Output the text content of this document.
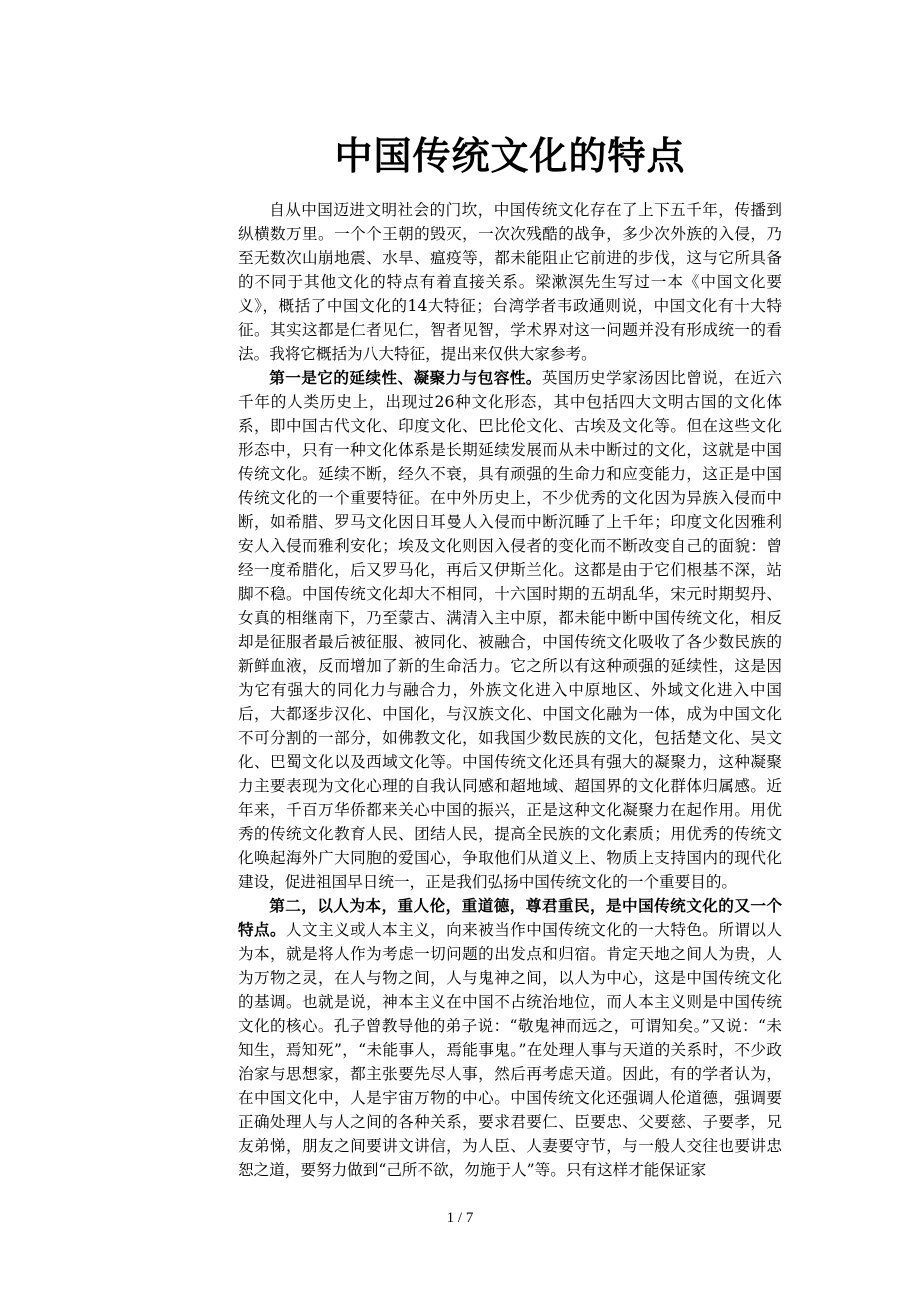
中国传统文化的特点

自从中国迈进文明社会的门坎，中国传统文化存在了上下五千年，传播到纵横数万里。一个个王朝的毁灭，一次次残酷的战争，多少次外族的入侵，乃至无数次山崩地震、水旱、瘟疫等，都未能阻止它前进的步伐，这与它所具备的不同于其他文化的特点有着直接关系。梁漱溟先生写过一本《中国文化要义》，概括了中国文化的14大特征；台湾学者韦政通则说，中国文化有十大特征。其实这都是仁者见仁，智者见智，学术界对这一问题并没有形成统一的看法。我将它概括为八大特征，提出来仅供大家参考。

第一是它的延续性、凝聚力与包容性。英国历史学家汤因比曾说，在近六千年的人类历史上，出现过26种文化形态，其中包括四大文明古国的文化体系，即中国古代文化、印度文化、巴比伦文化、古埃及文化等。但在这些文化形态中，只有一种文化体系是长期延续发展而从未中断过的文化，这就是中国传统文化。延续不断，经久不衰，具有顽强的生命力和应变能力，这正是中国传统文化的一个重要特征。在中外历史上，不少优秀的文化因为异族入侵而中断，如希腊、罗马文化因日耳曼人入侵而中断沉睡了上千年；印度文化因雅利安人入侵而雅利安化；埃及文化则因入侵者的变化而不断改变自己的面貌：曾经一度希腊化，后又罗马化，再后又伊斯兰化。这都是由于它们根基不深，站脚不稳。中国传统文化却大不相同，十六国时期的五胡乱华，宋元时期契丹、女真的相继南下，乃至蒙古、满清入主中原，都未能中断中国传统文化，相反却是征服者最后被征服、被同化、被融合，中国传统文化吸收了各少数民族的新鲜血液，反而增加了新的生命活力。它之所以有这种顽强的延续性，这是因为它有强大的同化力与融合力，外族文化进入中原地区、外域文化进入中国后，大都逐步汉化、中国化，与汉族文化、中国文化融为一体，成为中国文化不可分割的一部分，如佛教文化，如我国少数民族的文化，包括楚文化、吴文化、巴蜀文化以及西域文化等。中国传统文化还具有强大的凝聚力，这种凝聚力主要表现为文化心理的自我认同感和超地域、超国界的文化群体归属感。近年来，千百万华侨都来关心中国的振兴，正是这种文化凝聚力在起作用。用优秀的传统文化教育人民、团结人民，提高全民族的文化素质；用优秀的传统文化唤起海外广大同胞的爱国心，争取他们从道义上、物质上支持国内的现代化建设，促进祖国早日统一，正是我们弘扬中国传统文化的一个重要目的。

第二，以人为本，重人伦，重道德，尊君重民，是中国传统文化的又一个特点。人文主义或人本主义，向来被当作中国传统文化的一大特色。所谓以人为本，就是将人作为考虑一切问题的出发点和归宿。肯定天地之间人为贵，人为万物之灵，在人与物之间，人与鬼神之间，以人为中心，这是中国传统文化的基调。也就是说，神本主义在中国不占统治地位，而人本主义则是中国传统文化的核心。孔子曾教导他的弟子说：“敬鬼神而远之，可谓知矣。”又说：“未知生，焉知死”，“未能事人，焉能事鬼。”在处理人事与天道的关系时，不少政治家与思想家，都主张要先尽人事，然后再考虑天道。因此，有的学者认为，在中国文化中，人是宇宙万物的中心。中国传统文化还强调人伦道德，强调要正确处理人与人之间的各种关系，要求君要仁、臣要忠、父要慈、子要孝，兄友弟悌，朋友之间要讲文讲信，为人臣、人妻要守节，与一般人交往也要讲忠恕之道，要努力做到“己所不欲，勿施于人”等。只有这样才能保证家

1 / 7
